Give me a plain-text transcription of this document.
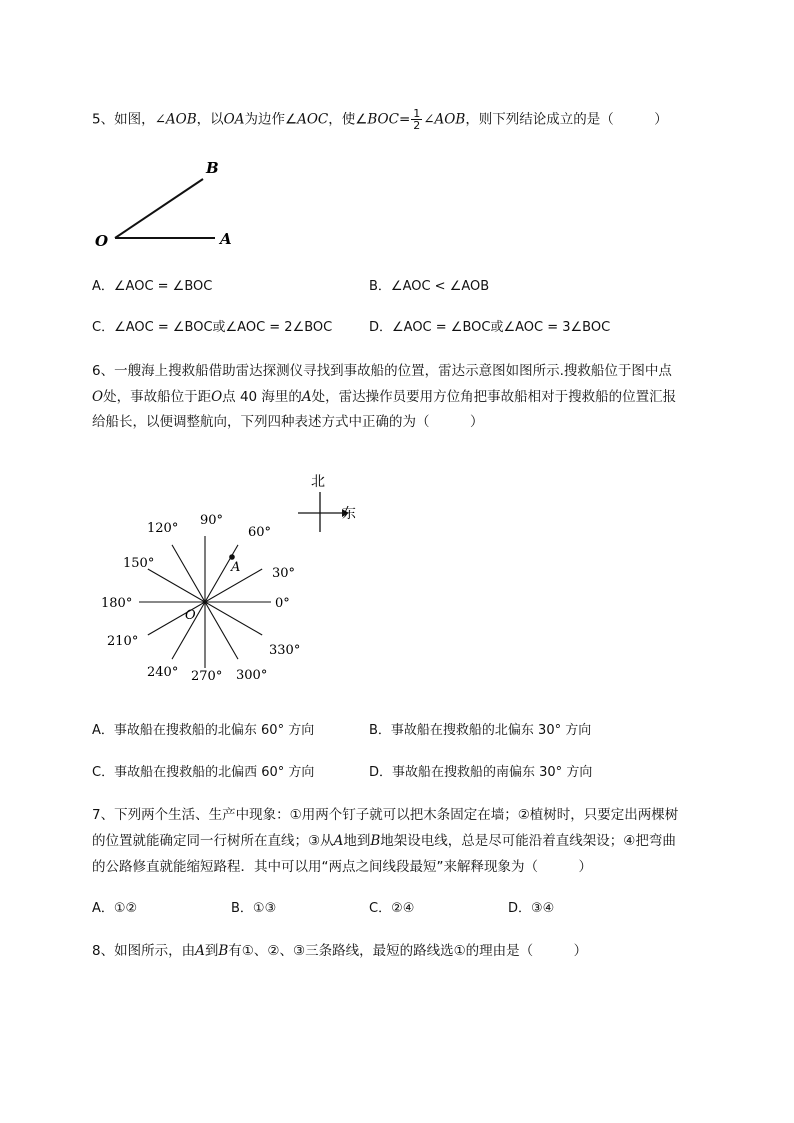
5、如图，∠AOB，以OA为边作∠AOC，使∠BOC= $\frac{1}{2}$ ∠AOB，则下列结论成立的是（　　　）
B
O	A
A．∠AOC = ∠BOC	B．∠AOC < ∠AOB
C．∠AOC = ∠BOC或∠AOC = 2∠BOC	D．∠AOC = ∠BOC或∠AOC = 3∠BOC
6、一艘海上搜救船借助雷达探测仪寻找到事故船的位置，雷达示意图如图所示.搜救船位于图中点
O处，事故船位于距O点 40 海里的A处，雷达操作员要用方位角把事故船相对于搜救船的位置汇报
给船长，以便调整航向，下列四种表述方式中正确的为（　　　）
北
东
0°
30°
60°
90°
120°
150°
180°
210°
240° 270° 300°
330°
A
O
A．事故船在搜救船的北偏东 60° 方向	B．事故船在搜救船的北偏东 30° 方向
C．事故船在搜救船的北偏西 60° 方向	D．事故船在搜救船的南偏东 30° 方向
7、下列两个生活、生产中现象：①用两个钉子就可以把木条固定在墙；②植树时，只要定出两棵树
的位置就能确定同一行树所在直线；③从A地到B地架设电线，总是尽可能沿着直线架设；④把弯曲
的公路修直就能缩短路程．其中可以用“两点之间线段最短”来解释现象为（　　　）
A．①②	B．①③	C．②④	D．③④
8、如图所示，由A到B有①、②、③三条路线，最短的路线选①的理由是（　　　）
